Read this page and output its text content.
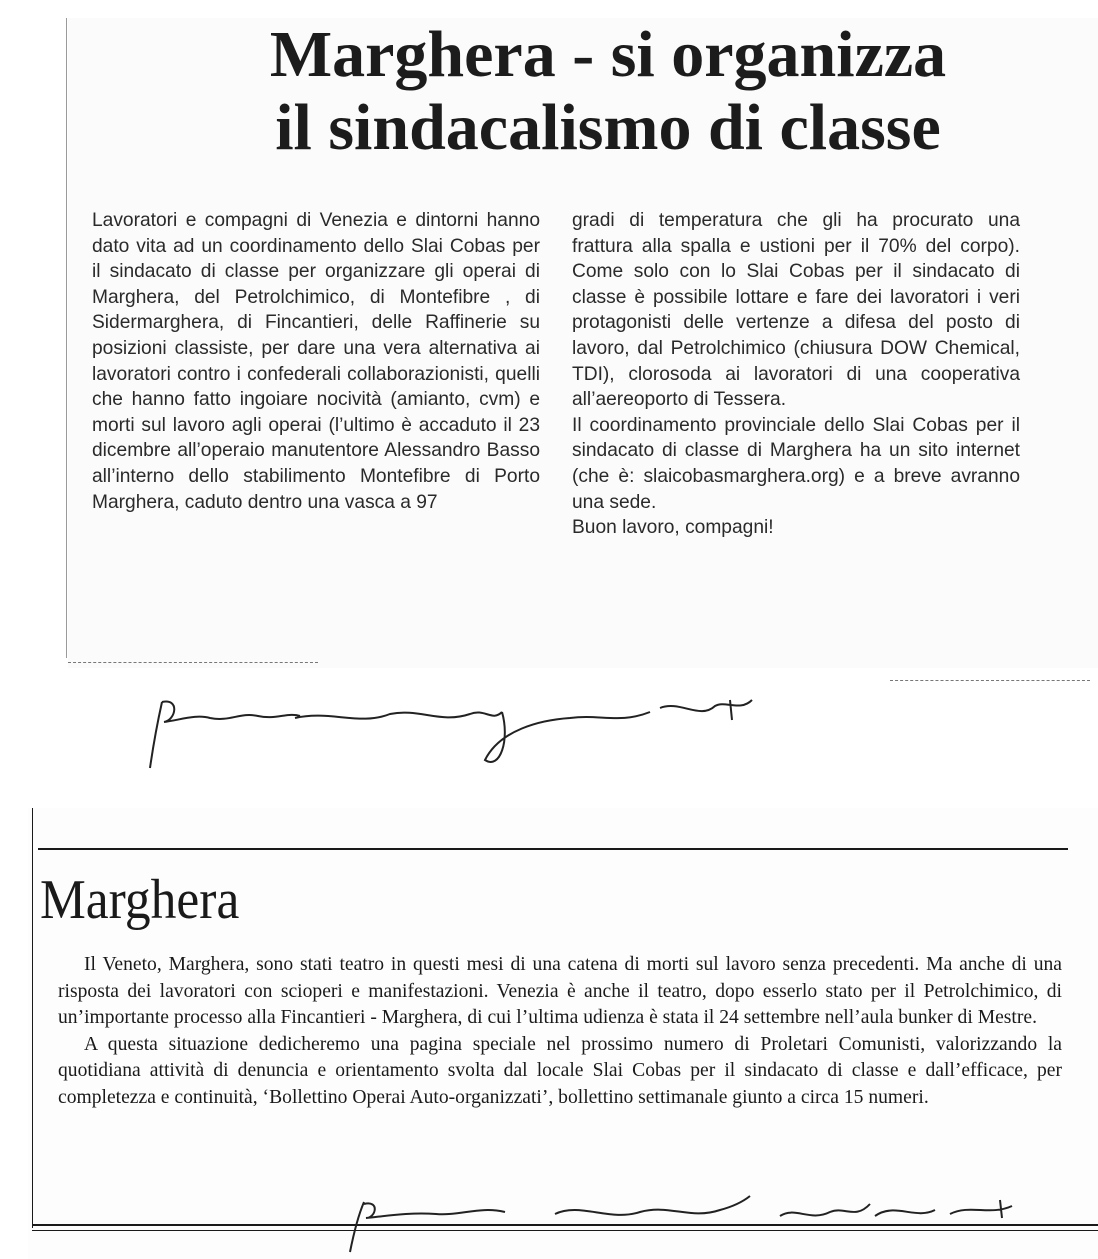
Marghera - si organizza
il sindacalismo di classe

Lavoratori e compagni di Venezia e dintorni hanno dato vita ad un coordinamento dello Slai Cobas per il sindacato di classe per organizzare gli operai di Marghera, del Petrolchimico, di Montefibre , di Sidermarghera, di Fincantieri, delle Raffinerie su posizioni classiste, per dare una vera alternativa ai lavoratori contro i confederali collaborazionisti, quelli che hanno fatto ingoiare nocività (amianto, cvm) e morti sul lavoro agli operai (l’ultimo è accaduto il 23 dicembre all’operaio manutentore Alessandro Basso all’interno dello stabilimento Montefibre di Porto Marghera, caduto dentro una vasca a 97

gradi di temperatura che gli ha procurato una frattura alla spalla e ustioni per il 70% del corpo). Come solo con lo Slai Cobas per il sindacato di classe è possibile lottare e fare dei lavoratori i veri protagonisti delle vertenze a difesa del posto di lavoro, dal Petrolchimico (chiusura DOW Chemical, TDI), clorosoda ai lavoratori di una cooperativa all’aereoporto di Tessera.

Il coordinamento provinciale dello Slai Cobas per il sindacato di classe di Marghera ha un sito internet (che è: slaicobasmarghera.org) e a breve avranno una sede.

Buon lavoro, compagni!

Marghera

Il Veneto, Marghera, sono stati teatro in questi mesi di una catena di morti sul lavoro senza precedenti. Ma anche di una risposta dei lavoratori con scioperi e manifestazioni. Venezia è anche il teatro, dopo esserlo stato per il Petrolchimico, di un’importante processo alla Fincantieri - Marghera, di cui l’ultima udienza è stata il 24 settembre nell’aula bunker di Mestre.

A questa situazione dedicheremo una pagina speciale nel prossimo numero di Proletari Comunisti, valorizzando la quotidiana attività di denuncia e orientamento svolta dal locale Slai Cobas per il sindacato di classe e dall’efficace, per completezza e continuità, ‘Bollettino Operai Auto-organizzati’, bollettino settimanale giunto a circa 15 numeri.
